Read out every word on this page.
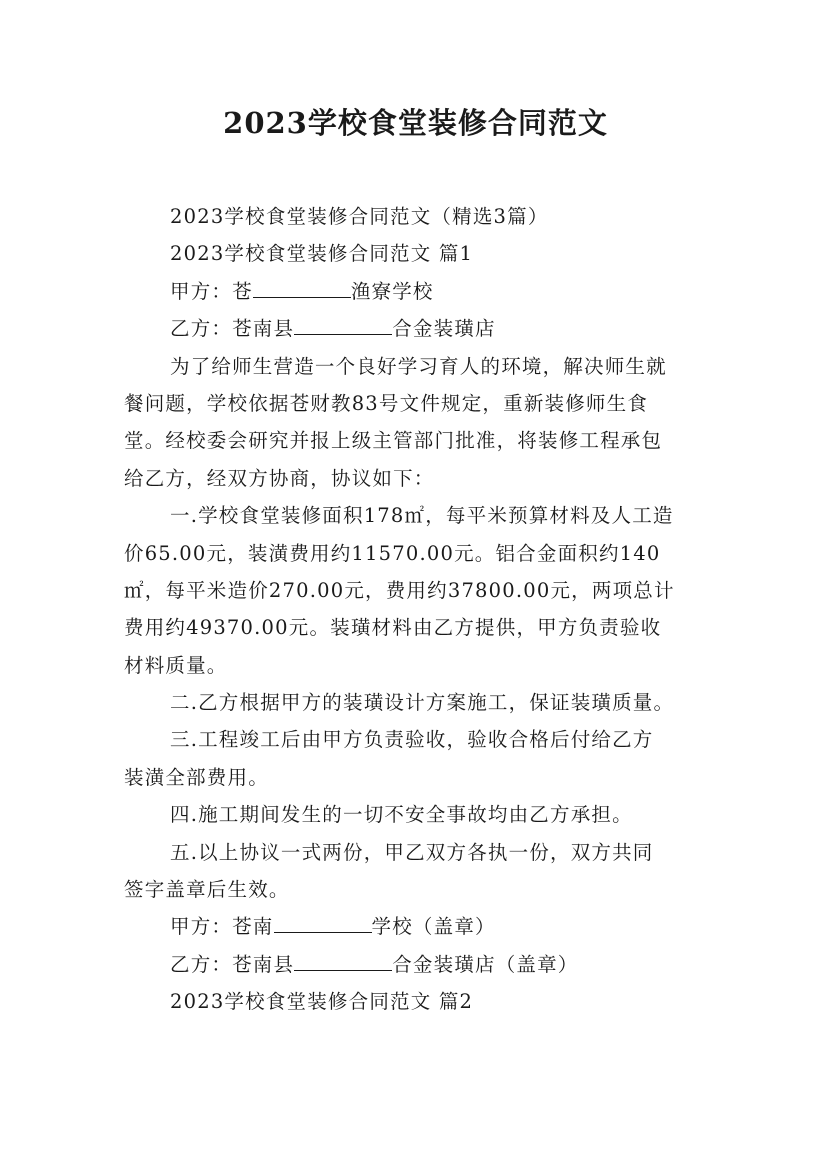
2023学校食堂装修合同范文
2023学校食堂装修合同范文（精选3篇）
2023学校食堂装修合同范文 篇1
甲方：苍	渔寮学校
乙方：苍南县	合金装璜店
为了给师生营造一个良好学习育人的环境，解决师生就
餐问题，学校依据苍财教83号文件规定，重新装修师生食
堂。经校委会研究并报上级主管部门批准，将装修工程承包
给乙方，经双方协商，协议如下：
一.学校食堂装修面积178㎡，每平米预算材料及人工造
价65.00元，装潢费用约11570.00元。铝合金面积约140
㎡，每平米造价270.00元，费用约37800.00元，两项总计
费用约49370.00元。装璜材料由乙方提供，甲方负责验收
材料质量。
二.乙方根据甲方的装璜设计方案施工，保证装璜质量。
三.工程竣工后由甲方负责验收，验收合格后付给乙方
装潢全部费用。
四.施工期间发生的一切不安全事故均由乙方承担。
五.以上协议一式两份，甲乙双方各执一份，双方共同
签字盖章后生效。
甲方：苍南	学校（盖章）
乙方：苍南县	合金装璜店（盖章）
2023学校食堂装修合同范文 篇2
